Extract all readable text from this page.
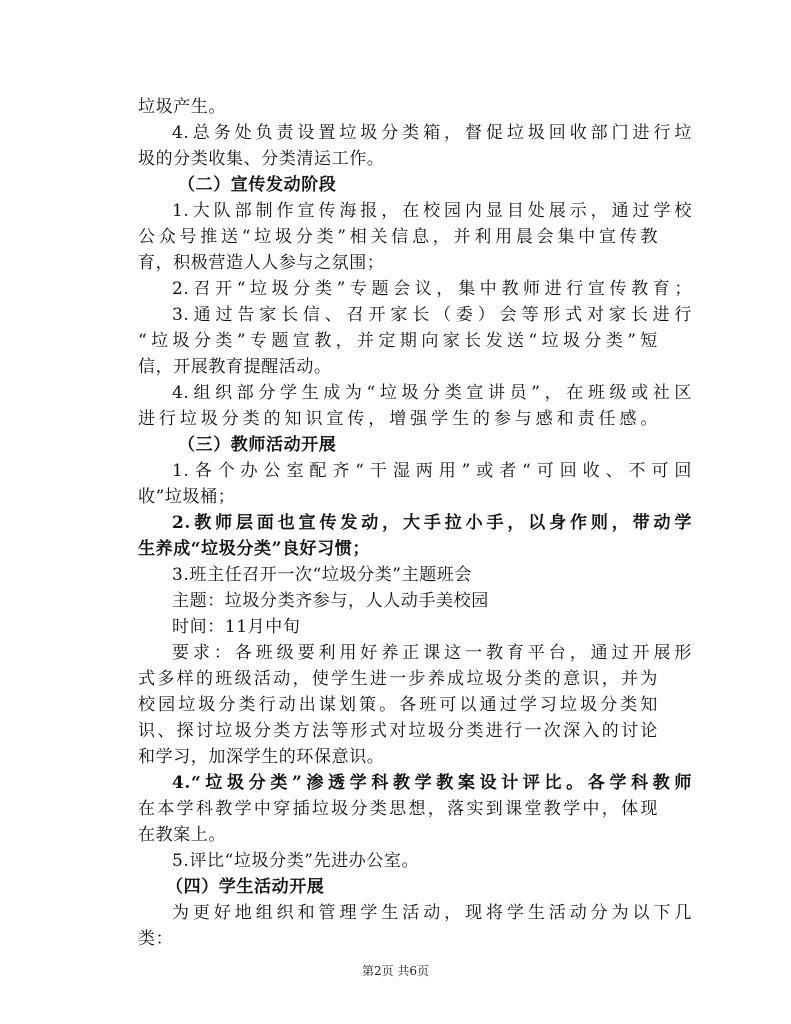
垃圾产生。
4.总务处负责设置垃圾分类箱，督促垃圾回收部门进行垃
圾的分类收集、分类清运工作。
（二）宣传发动阶段
1.大队部制作宣传海报，在校园内显目处展示，通过学校
公众号推送“垃圾分类”相关信息，并利用晨会集中宣传教
育，积极营造人人参与之氛围；
2.召开“垃圾分类”专题会议，集中教师进行宣传教育；
3.通过告家长信、召开家长（委）会等形式对家长进行
“垃圾分类”专题宣教，并定期向家长发送“垃圾分类”短
信，开展教育提醒活动。
4.组织部分学生成为“垃圾分类宣讲员”，在班级或社区
进行垃圾分类的知识宣传，增强学生的参与感和责任感。
（三）教师活动开展
1.各个办公室配齐“干湿两用”或者“可回收、不可回
收”垃圾桶；
2.教师层面也宣传发动，大手拉小手，以身作则，带动学
生养成“垃圾分类”良好习惯；
3.班主任召开一次“垃圾分类”主题班会
主题：垃圾分类齐参与，人人动手美校园
时间：11月中旬
要求：各班级要利用好养正课这一教育平台，通过开展形
式多样的班级活动，使学生进一步养成垃圾分类的意识，并为
校园垃圾分类行动出谋划策。各班可以通过学习垃圾分类知
识、探讨垃圾分类方法等形式对垃圾分类进行一次深入的讨论
和学习，加深学生的环保意识。
4.“垃圾分类”渗透学科教学教案设计评比。各学科教师
在本学科教学中穿插垃圾分类思想，落实到课堂教学中，体现
在教案上。
5.评比“垃圾分类”先进办公室。
（四）学生活动开展
为更好地组织和管理学生活动，现将学生活动分为以下几
类：
第2页 共6页
